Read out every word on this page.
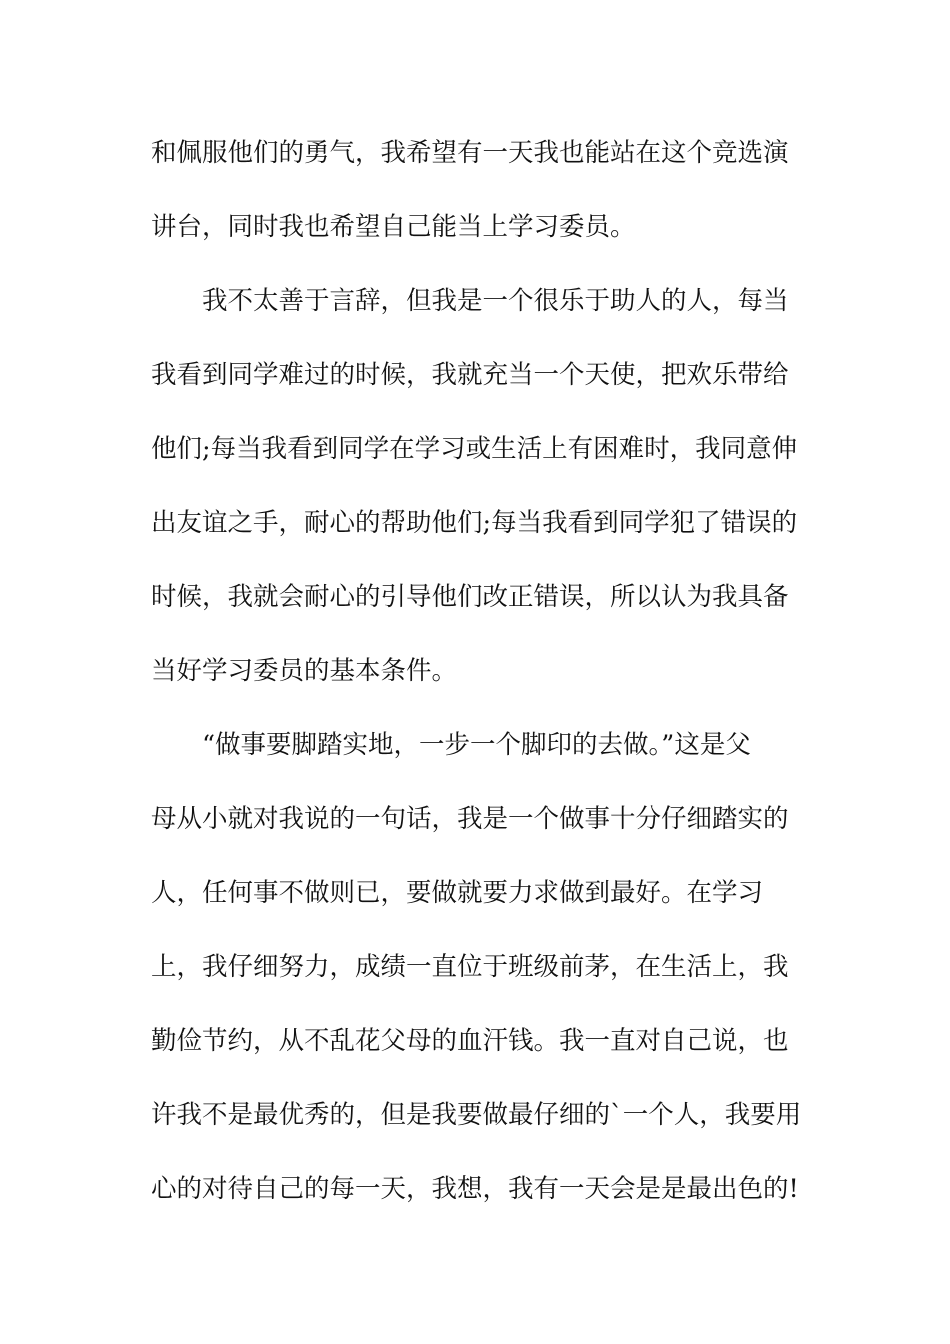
和佩服他们的勇气，我希望有一天我也能站在这个竞选演
讲台，同时我也希望自己能当上学习委员。
我不太善于言辞，但我是一个很乐于助人的人，每当
我看到同学难过的时候，我就充当一个天使，把欢乐带给
他们;每当我看到同学在学习或生活上有困难时，我同意伸
出友谊之手，耐心的帮助他们;每当我看到同学犯了错误的
时候，我就会耐心的引导他们改正错误，所以认为我具备
当好学习委员的基本条件。
“做事要脚踏实地，一步一个脚印的去做。”这是父
母从小就对我说的一句话，我是一个做事十分仔细踏实的
人，任何事不做则已，要做就要力求做到最好。在学习
上，我仔细努力，成绩一直位于班级前茅，在生活上，我
勤俭节约，从不乱花父母的血汗钱。我一直对自己说，也
许我不是最优秀的，但是我要做最仔细的`一个人，我要用
心的对待自己的每一天，我想，我有一天会是是最出色的!
